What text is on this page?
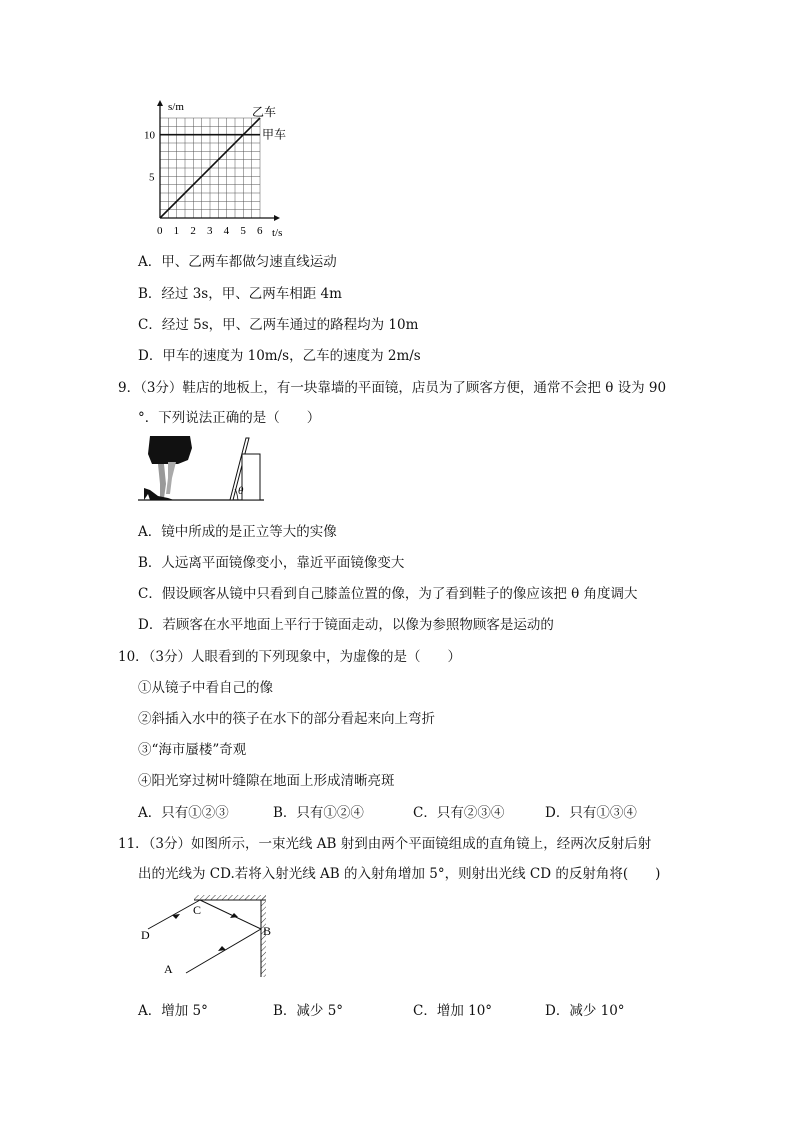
甲车
乙车
0 1 2 3 4 5 6
5
10
t/s
s/m
A．甲、乙两车都做匀速直线运动
B．经过 3s，甲、乙两车相距 4m
C．经过 5s，甲、乙两车通过的路程均为 10m
D．甲车的速度为 10m/s，乙车的速度为 2m/s
9．（3分）鞋店的地板上，有一块靠墙的平面镜，店员为了顾客方便，通常不会把 θ 设为 90
°．下列说法正确的是（　　）
θ
A．镜中所成的是正立等大的实像
B．人远离平面镜像变小，靠近平面镜像变大
C．假设顾客从镜中只看到自己膝盖位置的像，为了看到鞋子的像应该把 θ 角度调大
D．若顾客在水平地面上平行于镜面走动，以像为参照物顾客是运动的
10．（3分）人眼看到的下列现象中，为虚像的是（　　）
①从镜子中看自己的像
②斜插入水中的筷子在水下的部分看起来向上弯折
③“海市蜃楼”奇观
④阳光穿过树叶缝隙在地面上形成清晰亮斑
A．只有①②③	B．只有①②④	C．只有②③④	D．只有①③④
11．（3分）如图所示，一束光线 AB 射到由两个平面镜组成的直角镜上，经两次反射后射
出的光线为 CD.若将入射光线 AB 的入射角增加 5°，则射出光线 CD 的反射角将(　　)
A
B
C
D
A．增加 5°	B．减少 5°	C．增加 10°	D．减少 10°
